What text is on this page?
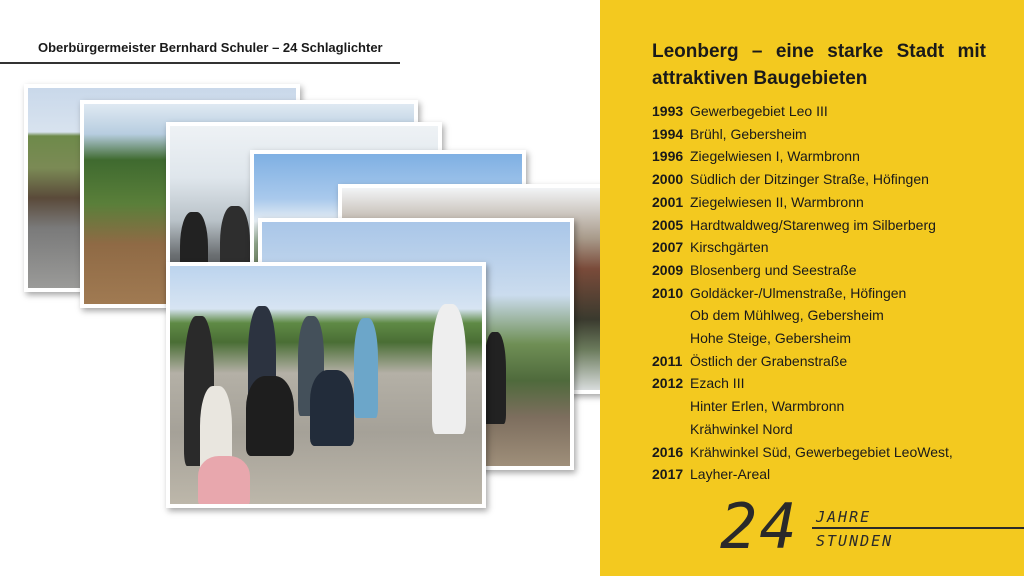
Oberbürgermeister Bernhard Schuler – 24 Schlaglichter	Leonberg – eine starke Stadt mit attraktiven Baugebieten
1993 Gewerbegebiet Leo III
1994 Brühl, Gebersheim
1996 Ziegelwiesen I, Warmbronn
2000 Südlich der Ditzinger Straße, Höfingen
2001 Ziegelwiesen II, Warmbronn
2005 Hardtwaldweg/Starenweg im Silberberg
2007 Kirschgärten
2009 Blosenberg und Seestraße
2010 Goldäcker-/Ulmenstraße, Höfingen
Ob dem Mühlweg, Gebersheim
Hohe Steige, Gebersheim
2011 Östlich der Grabenstraße
2012 Ezach III
Hinter Erlen, Warmbronn
Krähwinkel Nord
2016 Krähwinkel Süd, Gewerbegebiet LeoWest,
2017 Layher-Areal
24 JAHRE
STUNDEN
